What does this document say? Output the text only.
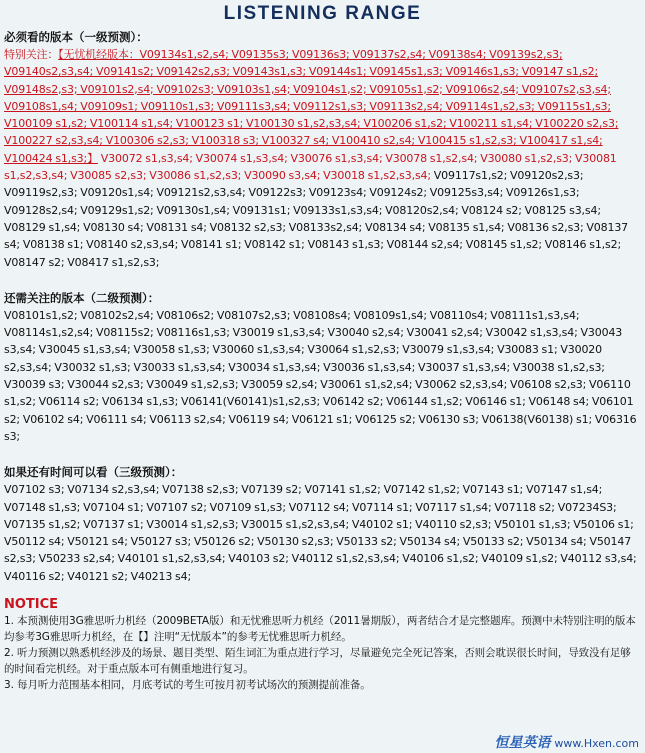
LISTENING RANGE
必须看的版本（一级预测）：
特别关注：【无忧机经版本：V09134s1,s2,s4; V09135s3; V09136s3; V09137s2,s4; V09138s4; V09139s2,s3; V09140s2,s3,s4; V09141s2; V09142s2,s3; V09143s1,s3; V09144s1; V09145s1,s3; V09146s1,s3; V09147 s1,s2; V09148s2,s3; V09101s2,s4; V09102s3; V09103s1,s4; V09104s1,s2; V09105s1,s2; V09106s2,s4; V09107s2,s3,s4; V09108s1,s4; V09109s1; V09110s1,s3; V09111s3,s4; V09112s1,s3; V09113s2,s4; V09114s1,s2,s3; V09115s1,s3; V100109 s1,s2; V100114 s1,s4; V100123 s1; V100130 s1,s2,s3,s4; V100206 s1,s2; V100211 s1,s4; V100220 s2,s3; V100227 s2,s3,s4; V100306 s2,s3; V100318 s3; V100327 s4; V100410 s2,s4; V100415 s1,s2,s3; V100417 s1,s4; V100424 s1,s3;】 V30072 s1,s3,s4; V30074 s1,s3,s4; V30076 s1,s3,s4; V30078 s1,s2,s4; V30080 s1,s2,s3; V30081 s1,s2,s3,s4; V30085 s2,s3; V30086 s1,s2,s3; V30090 s3,s4; V30018 s1,s2,s3,s4; V09117s1,s2; V09120s2,s3; V09119s2,s3; V09120s1,s4; V09121s2,s3,s4; V09122s3; V09123s4; V09124s2; V09125s3,s4; V09126s1,s3; V09128s2,s4; V09129s1,s2; V09130s1,s4; V09131s1; V09133s1,s3,s4; V08120s2,s4; V08124 s2; V08125 s3,s4; V08129 s1,s4; V08130 s4; V08131 s4; V08132 s2,s3; V08133s2,s4; V08134 s4; V08135 s1,s4; V08136 s2,s3; V08137 s4; V08138 s1; V08140 s2,s3,s4; V08141 s1; V08142 s1; V08143 s1,s3; V08144 s2,s4; V08145 s1,s2; V08146 s1,s2; V08147 s2; V08417 s1,s2,s3;
还需关注的版本（二级预测）：
V08101s1,s2; V08102s2,s4; V08106s2; V08107s2,s3; V08108s4; V08109s1,s4; V08110s4; V08111s1,s3,s4; V08114s1,s2,s4; V08115s2; V08116s1,s3; V30019 s1,s3,s4; V30040 s2,s4; V30041 s2,s4; V30042 s1,s3,s4; V30043 s3,s4; V30045 s1,s3,s4; V30058 s1,s3; V30060 s1,s3,s4; V30064 s1,s2,s3; V30079 s1,s3,s4; V30083 s1; V30020 s2,s3,s4; V30032 s1,s3; V30033 s1,s3,s4; V30034 s1,s3,s4; V30036 s1,s3,s4; V30037 s1,s3,s4; V30038 s1,s2,s3; V30039 s3; V30044 s2,s3; V30049 s1,s2,s3; V30059 s2,s4; V30061 s1,s2,s4; V30062 s2,s3,s4; V06108 s2,s3; V06110 s1,s2; V06114 s2; V06134 s1,s3; V06141(V60141)s1,s2,s3; V06142 s2; V06144 s1,s2; V06146 s1; V06148 s4; V06101 s2; V06102 s4; V06111 s4; V06113 s2,s4; V06119 s4; V06121 s1; V06125 s2; V06130 s3; V06138(V60138) s1; V06316 s3;
如果还有时间可以看（三级预测）：
V07102 s3; V07134 s2,s3,s4; V07138 s2,s3; V07139 s2; V07141 s1,s2; V07142 s1,s2; V07143 s1; V07147 s1,s4; V07148 s1,s3; V07104 s1; V07107 s2; V07109 s1,s3; V07112 s4; V07114 s1; V07117 s1,s4; V07118 s2; V07234S3; V07135 s1,s2; V07137 s1; V30014 s1,s2,s3; V30015 s1,s2,s3,s4; V40102 s1; V40110 s2,s3; V50101 s1,s3; V50106 s1; V50112 s4; V50121 s4; V50127 s3; V50126 s2; V50130 s2,s3; V50133 s2; V50134 s4; V50133 s2; V50134 s4; V50147 s2,s3; V50233 s2,s4; V40101 s1,s2,s3,s4; V40103 s2; V40112 s1,s2,s3,s4; V40106 s1,s2; V40109 s1,s2; V40112 s3,s4; V40116 s2; V40121 s2; V40213 s4;
NOTICE
1. 本预测使用3G雅思听力机经（2009BETA版）和无忧雅思听力机经（2011暑期版），两者结合才是完整题库。预测中未特别注明的版本均参考3G雅思听力机经，在【】注明“无忧版本”的参考无忧雅思听力机经。
2. 听力预测以熟悉机经涉及的场景、题目类型、陌生词汇为重点进行学习，尽量避免完全死记答案，否则会耽误很长时间，导致没有足够的时间看完机经。对于重点版本可有侧重地进行复习。
3. 每月听力范围基本相同，月底考试的考生可按月初考试场次的预测提前准备。
恒星英语 www.Hxen.com
